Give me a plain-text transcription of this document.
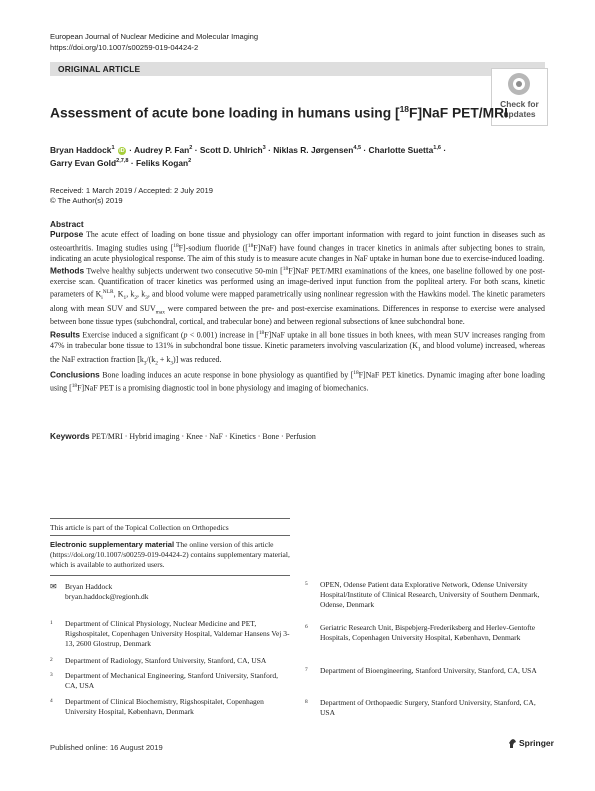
European Journal of Nuclear Medicine and Molecular Imaging
https://doi.org/10.1007/s00259-019-04424-2
ORIGINAL ARTICLE
Check for
updates
Assessment of acute bone loading in humans using [$^{18}$F]NaF PET/MRI
Bryan Haddock$^1$ iD · Audrey P. Fan$^2$ · Scott D. Uhlrich$^3$ · Niklas R. Jørgensen$^{4,5}$ · Charlotte Suetta$^{1,6}$ ·
Garry Evan Gold$^{2,7,8}$ · Feliks Kogan$^2$
Received: 1 March 2019 / Accepted: 2 July 2019
© The Author(s) 2019
Abstract

Purpose The acute effect of loading on bone tissue and physiology can offer important information with regard to joint function in diseases such as osteoarthritis. Imaging studies using [$^{18}$F]-sodium fluoride ([$^{18}$F]NaF) have found changes in tracer kinetics in animals after subjecting bones to strain, indicating an acute physiological response. The aim of this study is to measure acute changes in NaF uptake in human bone due to exercise-induced loading.

Methods Twelve healthy subjects underwent two consecutive 50-min [$^{18}$F]NaF PET/MRI examinations of the knees, one baseline followed by one post-exercise scan. Quantification of tracer kinetics was performed using an image-derived input function from the popliteal artery. For both scans, kinetic parameters of $K_i^{NLR}$, $K_1$, $k_2$, $k_3$, and blood volume were mapped parametrically using nonlinear regression with the Hawkins model. The kinetic parameters along with mean SUV and $SUV_{max}$ were compared between the pre- and post-exercise examinations. Differences in response to exercise were analysed between bone tissue types (subchondral, cortical, and trabecular bone) and between regional subsections of knee subchondral bone.

Results Exercise induced a significant (p < 0.001) increase in [$^{18}$F]NaF uptake in all bone tissues in both knees, with mean SUV increases ranging from 47% in trabecular bone tissue to 131% in subchondral bone tissue. Kinetic parameters involving vascularization ($K_1$ and blood volume) increased, whereas the NaF extraction fraction $[k_3/(k_2 + k_3)]$ was reduced.

Conclusions Bone loading induces an acute response in bone physiology as quantified by [$^{18}$F]NaF PET kinetics. Dynamic imaging after bone loading using [$^{18}$F]NaF PET is a promising diagnostic tool in bone physiology and imaging of biomechanics.

Keywords PET/MRI · Hybrid imaging · Knee · NaF · Kinetics · Bone · Perfusion
This article is part of the Topical Collection on Orthopedics
Electronic supplementary material The online version of this article (https://doi.org/10.1007/s00259-019-04424-2) contains supplementary material, which is available to authorized users.
✉ Bryan Haddock
bryan.haddock@regionh.dk
1 Department of Clinical Physiology, Nuclear Medicine and PET, Rigshospitalet, Copenhagen University Hospital, Valdemar Hansens Vej 3-13, 2600 Glostrup, Denmark
2 Department of Radiology, Stanford University, Stanford, CA, USA
3 Department of Mechanical Engineering, Stanford University, Stanford, CA, USA
4 Department of Clinical Biochemistry, Rigshospitalet, Copenhagen University Hospital, København, Denmark
5 OPEN, Odense Patient data Explorative Network, Odense University Hospital/Institute of Clinical Research, University of Southern Denmark, Odense, Denmark
6 Geriatric Research Unit, Bispebjerg-Frederiksberg and Herlev-Gentofte Hospitals, Copenhagen University Hospital, København, Denmark
7 Department of Bioengineering, Stanford University, Stanford, CA, USA
8 Department of Orthopaedic Surgery, Stanford University, Stanford, CA, USA
Published online: 16 August 2019	Springer
